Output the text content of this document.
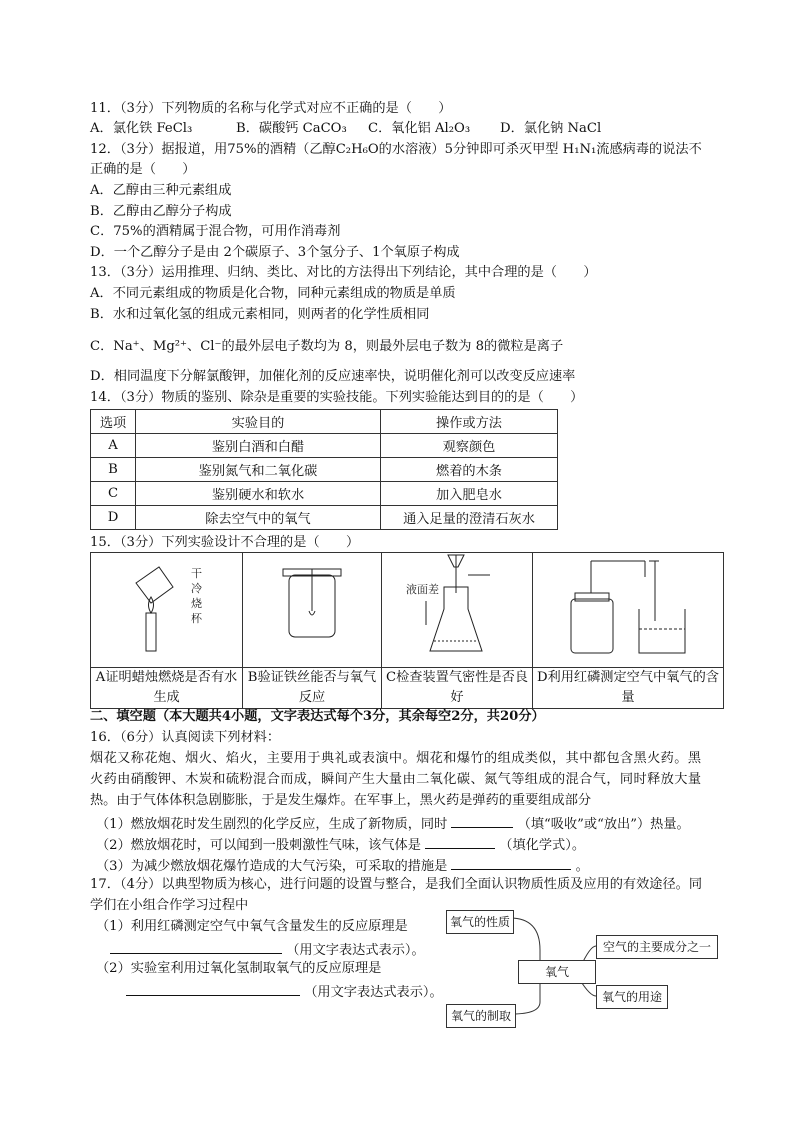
11．（3分）下列物质的名称与化学式对应不正确的是（　　）
A．氯化铁 FeCl₃	B．碳酸钙 CaCO₃ C．氧化铝 Al₂O₃ D．氯化钠 NaCl
12．（3分）据报道，用75%的酒精（乙醇C₂H₆O的水溶液）5分钟即可杀灭甲型 H₁N₁流感病毒的说法不
正确的是（　　）
A．乙醇由三种元素组成
B．乙醇由乙醇分子构成
C．75%的酒精属于混合物，可用作消毒剂
D．一个乙醇分子是由 2个碳原子、3个氢分子、1个氧原子构成
13．（3分）运用推理、归纳、类比、对比的方法得出下列结论，其中合理的是（　　）
A．不同元素组成的物质是化合物，同种元素组成的物质是单质
B．水和过氧化氢的组成元素相同，则两者的化学性质相同
C．Na⁺、Mg²⁺、Cl⁻的最外层电子数均为 8，则最外层电子数为 8的微粒是离子
D．相同温度下分解氯酸钾，加催化剂的反应速率快，说明催化剂可以改变反应速率
14．（3分）物质的鉴别、除杂是重要的实验技能。下列实验能达到目的的是（　　）
选项	实验目的	操作或方法
A	鉴别白酒和白醋	观察颜色
B	鉴别氮气和二氧化碳	燃着的木条
C	鉴别硬水和软水	加入肥皂水
D	除去空气中的氧气	通入足量的澄清石灰水
15．（3分）下列实验设计不合理的是（　　）
干
冷
烧
杯		液面差

A证明蜡烛燃烧是否有水生成	B验证铁丝能否与氧气反应	C检查装置气密性是否良好	D利用红磷测定空气中氧气的含量
二、填空题（本大题共4小题，文字表达式每个3分，其余每空2分，共20分）
16．（6分）认真阅读下列材料：
烟花又称花炮、烟火、焰火，主要用于典礼或表演中。烟花和爆竹的组成类似，其中都包含黑火药。黑
火药由硝酸钾、木炭和硫粉混合而成，瞬间产生大量由二氧化碳、氮气等组成的混合气，同时释放大量
热。由于气体体积急剧膨胀，于是发生爆炸。在军事上，黑火药是弹药的重要组成部分
（1）燃放烟花时发生剧烈的化学反应，生成了新物质，同时	（填“吸收”或“放出”）热量。
（2）燃放烟花时，可以闻到一股刺激性气味，该气体是	（填化学式）。
（3）为减少燃放烟花爆竹造成的大气污染，可采取的措施是	。
17．（4分）以典型物质为核心，进行问题的设置与整合，是我们全面认识物质性质及应用的有效途径。同
学们在小组合作学习过程中
（1）利用红磷测定空气中氧气含量发生的反应原理是
（用文字表达式表示）。
（2）实验室利用过氧化氢制取氧气的反应原理是
（用文字表达式表示）。
氧气的性质
氧气
空气的主要成分之一
氧气的用途
氧气的制取
